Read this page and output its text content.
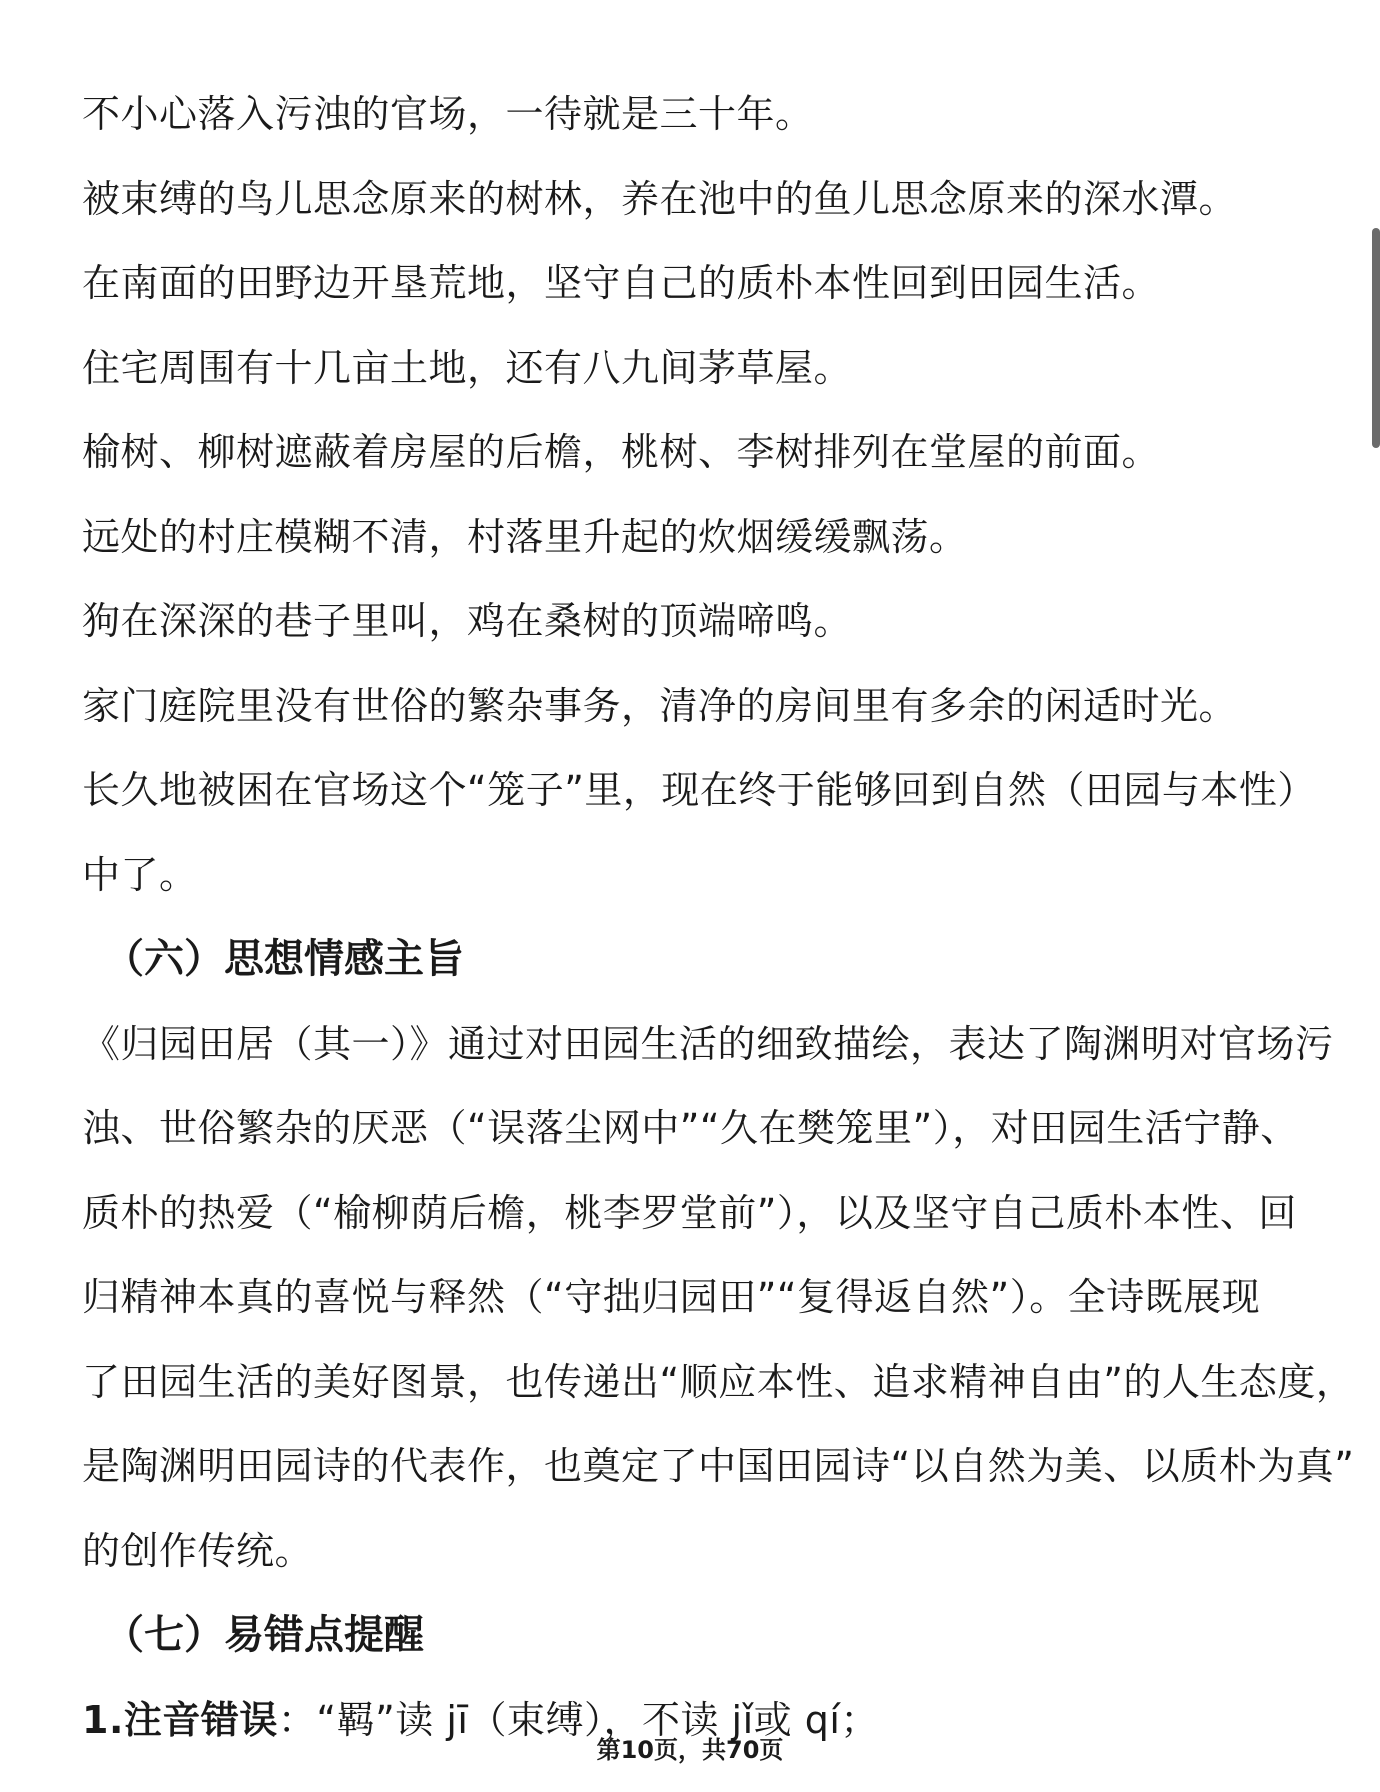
不小心落入污浊的官场，一待就是三十年。
被束缚的鸟儿思念原来的树林，养在池中的鱼儿思念原来的深水潭。
在南面的田野边开垦荒地，坚守自己的质朴本性回到田园生活。
住宅周围有十几亩土地，还有八九间茅草屋。
榆树、柳树遮蔽着房屋的后檐，桃树、李树排列在堂屋的前面。
远处的村庄模糊不清，村落里升起的炊烟缓缓飘荡。
狗在深深的巷子里叫，鸡在桑树的顶端啼鸣。
家门庭院里没有世俗的繁杂事务，清净的房间里有多余的闲适时光。
长久地被困在官场这个“笼子”里，现在终于能够回到自然（田园与本性）
中了。
（六）思想情感主旨
《归园田居（其一）》通过对田园生活的细致描绘，表达了陶渊明对官场污
浊、世俗繁杂的厌恶（“误落尘网中”“久在樊笼里”），对田园生活宁静、
质朴的热爱（“榆柳荫后檐，桃李罗堂前”），以及坚守自己质朴本性、回
归精神本真的喜悦与释然（“守拙归园田”“复得返自然”）。全诗既展现
了田园生活的美好图景，也传递出“顺应本性、追求精神自由”的人生态度，
是陶渊明田园诗的代表作，也奠定了中国田园诗“以自然为美、以质朴为真”
的创作传统。
（七）易错点提醒
1.注音错误：“羁”读 jī（束缚），不读 jǐ或 qí；
第10页，共70页
